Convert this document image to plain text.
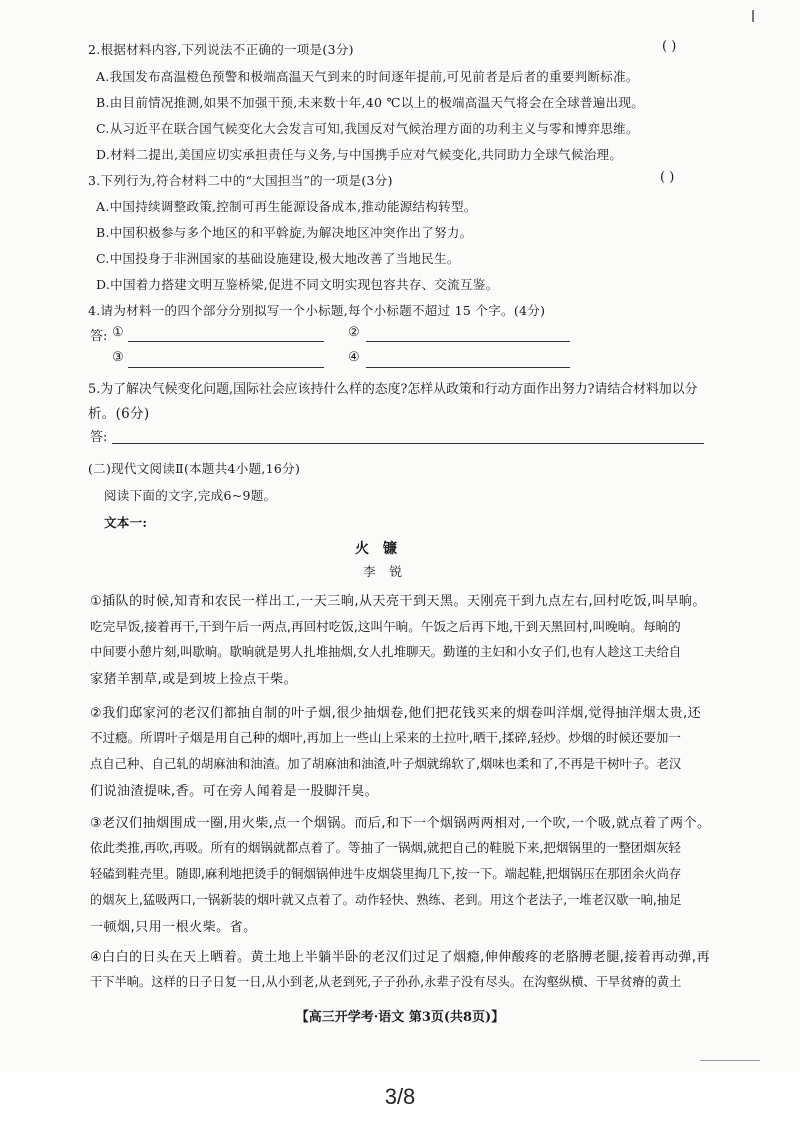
2.根据材料内容,下列说法不正确的一项是(3分)	( )
A.我国发布高温橙色预警和极端高温天气到来的时间逐年提前,可见前者是后者的重要判断标准。
B.由目前情况推测,如果不加强干预,未来数十年,40 ℃以上的极端高温天气将会在全球普遍出现。
C.从习近平在联合国气候变化大会发言可知,我国反对气候治理方面的功利主义与零和博弈思维。
D.材料二提出,美国应切实承担责任与义务,与中国携手应对气候变化,共同助力全球气候治理。
3.下列行为,符合材料二中的“大国担当”的一项是(3分)	( )
A.中国持续调整政策,控制可再生能源设备成本,推动能源结构转型。
B.中国积极参与多个地区的和平斡旋,为解决地区冲突作出了努力。
C.中国投身于非洲国家的基础设施建设,极大地改善了当地民生。
D.中国着力搭建文明互鉴桥梁,促进不同文明实现包容共存、交流互鉴。
4.请为材料一的四个部分分别拟写一个小标题,每个小标题不超过 15 个字。(4分)
答: ①	②
③	④
5.为了解决气候变化问题,国际社会应该持什么样的态度?怎样从政策和行动方面作出努力?请结合材料加以分
析。(6分)
答:
(二)现代文阅读Ⅱ(本题共4小题,16分)
阅读下面的文字,完成6~9题。
文本一:
火镰
李锐
①插队的时候,知青和农民一样出工,一天三晌,从天亮干到天黑。天刚亮干到九点左右,回村吃饭,叫早晌。
吃完早饭,接着再干,干到午后一两点,再回村吃饭,这叫午晌。午饭之后再下地,干到天黑回村,叫晚晌。每晌的
中间要小憩片刻,叫歇晌。歇晌就是男人扎堆抽烟,女人扎堆聊天。勤谨的主妇和小女子们,也有人趁这工夫给自
家猪羊割草,或是到坡上捡点干柴。
②我们邸家河的老汉们都抽自制的叶子烟,很少抽烟卷,他们把花钱买来的烟卷叫洋烟,觉得抽洋烟太贵,还
不过瘾。所谓叶子烟是用自己种的烟叶,再加上一些山上采来的土拉叶,晒干,揉碎,轻炒。炒烟的时候还要加一
点自己种、自己轧的胡麻油和油渣。加了胡麻油和油渣,叶子烟就绵软了,烟味也柔和了,不再是干树叶子。老汉
们说油渣提味,香。可在旁人闻着是一股脚汗臭。
③老汉们抽烟围成一圈,用火柴,点一个烟锅。而后,和下一个烟锅两两相对,一个吹,一个吸,就点着了两个。
依此类推,再吹,再吸。所有的烟锅就都点着了。等抽了一锅烟,就把自己的鞋脱下来,把烟锅里的一整团烟灰轻
轻磕到鞋壳里。随即,麻利地把烫手的铜烟锅伸进牛皮烟袋里掏几下,按一下。端起鞋,把烟锅压在那团余火尚存
的烟灰上,猛吸两口,一锅新装的烟叶就又点着了。动作轻快、熟练、老到。用这个老法子,一堆老汉歇一晌,抽足
一顿烟,只用一根火柴。省。
④白白的日头在天上晒着。黄土地上半躺半卧的老汉们过足了烟瘾,伸伸酸疼的老胳膊老腿,接着再动弹,再
干下半晌。这样的日子日复一日,从小到老,从老到死,子子孙孙,永辈子没有尽头。在沟壑纵横、干旱贫瘠的黄土
【高三开学考·语文 第3页(共8页)】
3/8
